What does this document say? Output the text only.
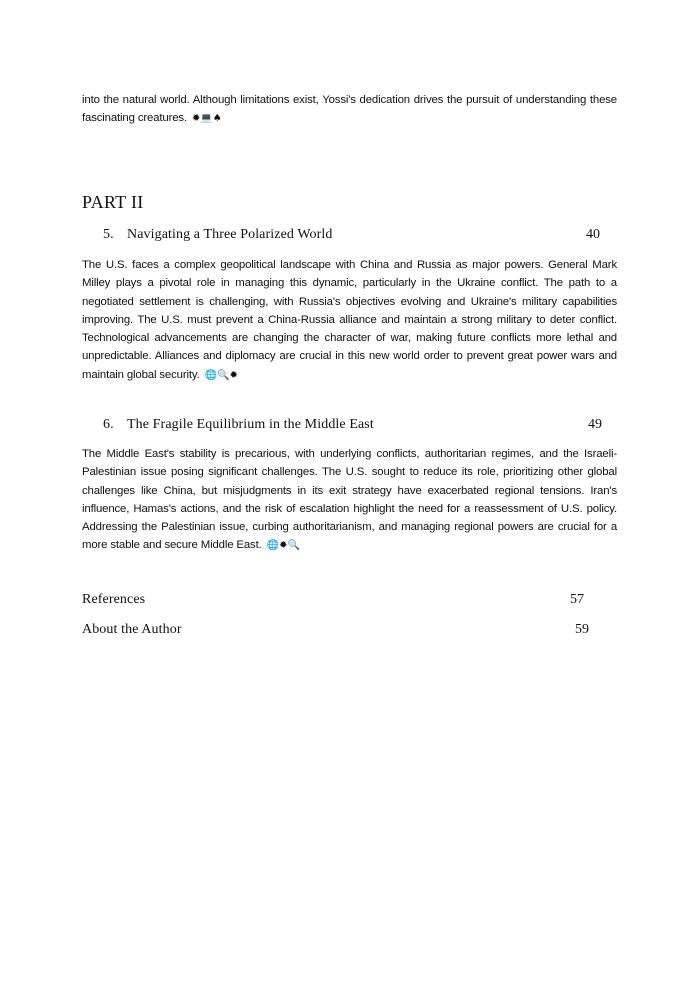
into the natural world. Although limitations exist, Yossi's dedication drives the pursuit of understanding these fascinating creatures. ✹💻♠

PART II
5. Navigating a Three Polarized World	40

The U.S. faces a complex geopolitical landscape with China and Russia as major powers. General Mark Milley plays a pivotal role in managing this dynamic, particularly in the Ukraine conflict. The path to a negotiated settlement is challenging, with Russia's objectives evolving and Ukraine's military capabilities improving. The U.S. must prevent a China-Russia alliance and maintain a strong military to deter conflict. Technological advancements are changing the character of war, making future conflicts more lethal and unpredictable. Alliances and diplomacy are crucial in this new world order to prevent great power wars and maintain global security. 🌐🔍✹

6. The Fragile Equilibrium in the Middle East	49

The Middle East's stability is precarious, with underlying conflicts, authoritarian regimes, and the Israeli-Palestinian issue posing significant challenges. The U.S. sought to reduce its role, prioritizing other global challenges like China, but misjudgments in its exit strategy have exacerbated regional tensions. Iran's influence, Hamas's actions, and the risk of escalation highlight the need for a reassessment of U.S. policy. Addressing the Palestinian issue, curbing authoritarianism, and managing regional powers are crucial for a more stable and secure Middle East. 🌐✹🔍

References	57
About the Author	59
